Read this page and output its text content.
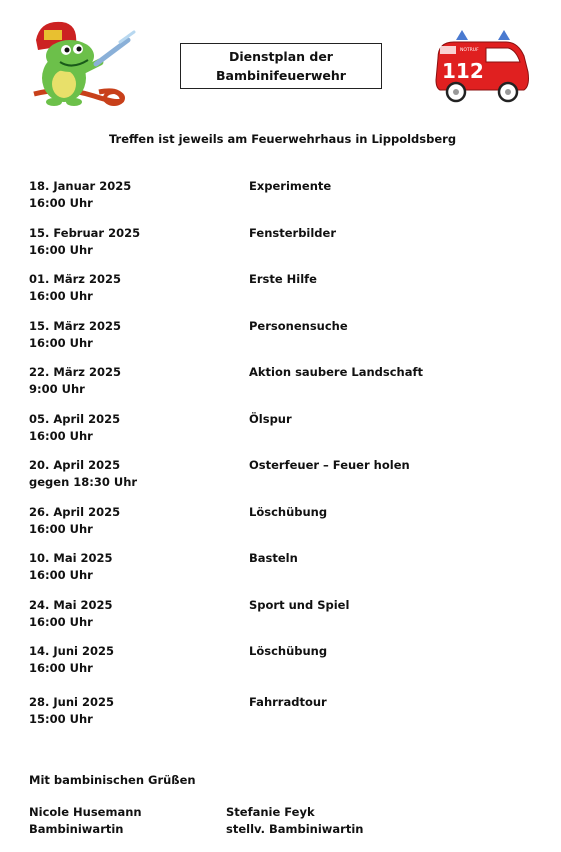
Dienstplan der
Bambinifeuerwehr
NOTRUF
112
Treffen ist jeweils am Feuerwehrhaus in Lippoldsberg
18. Januar 2025
16:00 Uhr
Experimente
15. Februar 2025
16:00 Uhr
Fensterbilder
01. März 2025
16:00 Uhr
Erste Hilfe
15. März 2025
16:00 Uhr
Personensuche
22. März 2025
9:00 Uhr
Aktion saubere Landschaft
05. April 2025
16:00 Uhr
Ölspur
20. April 2025
gegen 18:30 Uhr
Osterfeuer – Feuer holen
26. April 2025
16:00 Uhr
Löschübung
10. Mai 2025
16:00 Uhr
Basteln
24. Mai 2025
16:00 Uhr
Sport und Spiel
14. Juni 2025
16:00 Uhr
Löschübung
28. Juni 2025
15:00 Uhr
Fahrradtour
Mit bambinischen Grüßen
Nicole Husemann
Bambiniwartin
Stefanie Feyk
stellv. Bambiniwartin
